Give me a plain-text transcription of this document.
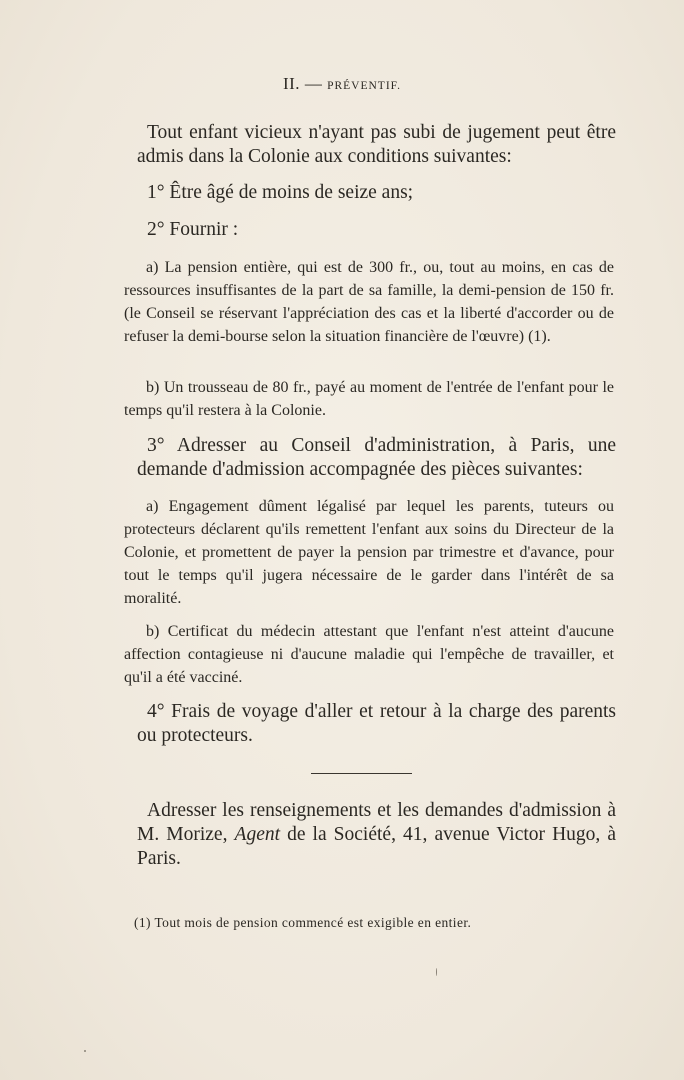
II. — PRÉVENTIF.

Tout enfant vicieux n'ayant pas subi de jugement peut être admis dans la Colonie aux conditions suivantes:

1° Être âgé de moins de seize ans;

2° Fournir :

a) La pension entière, qui est de 300 fr., ou, tout au moins, en cas de ressources insuffisantes de la part de sa famille, la demi-pension de 150 fr. (le Conseil se réservant l'appréciation des cas et la liberté d'accorder ou de refuser la demi-bourse selon la situation financière de l'œuvre) (1).

b) Un trousseau de 80 fr., payé au moment de l'entrée de l'enfant pour le temps qu'il restera à la Colonie.

3° Adresser au Conseil d'administration, à Paris, une demande d'admission accompagnée des pièces suivantes:

a) Engagement dûment légalisé par lequel les parents, tuteurs ou protecteurs déclarent qu'ils remettent l'enfant aux soins du Directeur de la Colonie, et promettent de payer la pension par trimestre et d'avance, pour tout le temps qu'il jugera nécessaire de le garder dans l'intérêt de sa moralité.

b) Certificat du médecin attestant que l'enfant n'est atteint d'aucune affection contagieuse ni d'aucune maladie qui l'empêche de travailler, et qu'il a été vacciné.

4° Frais de voyage d'aller et retour à la charge des parents ou protecteurs.

Adresser les renseignements et les demandes d'admission à M. Morize, Agent de la Société, 41, avenue Victor Hugo, à Paris.

(1) Tout mois de pension commencé est exigible en entier.
